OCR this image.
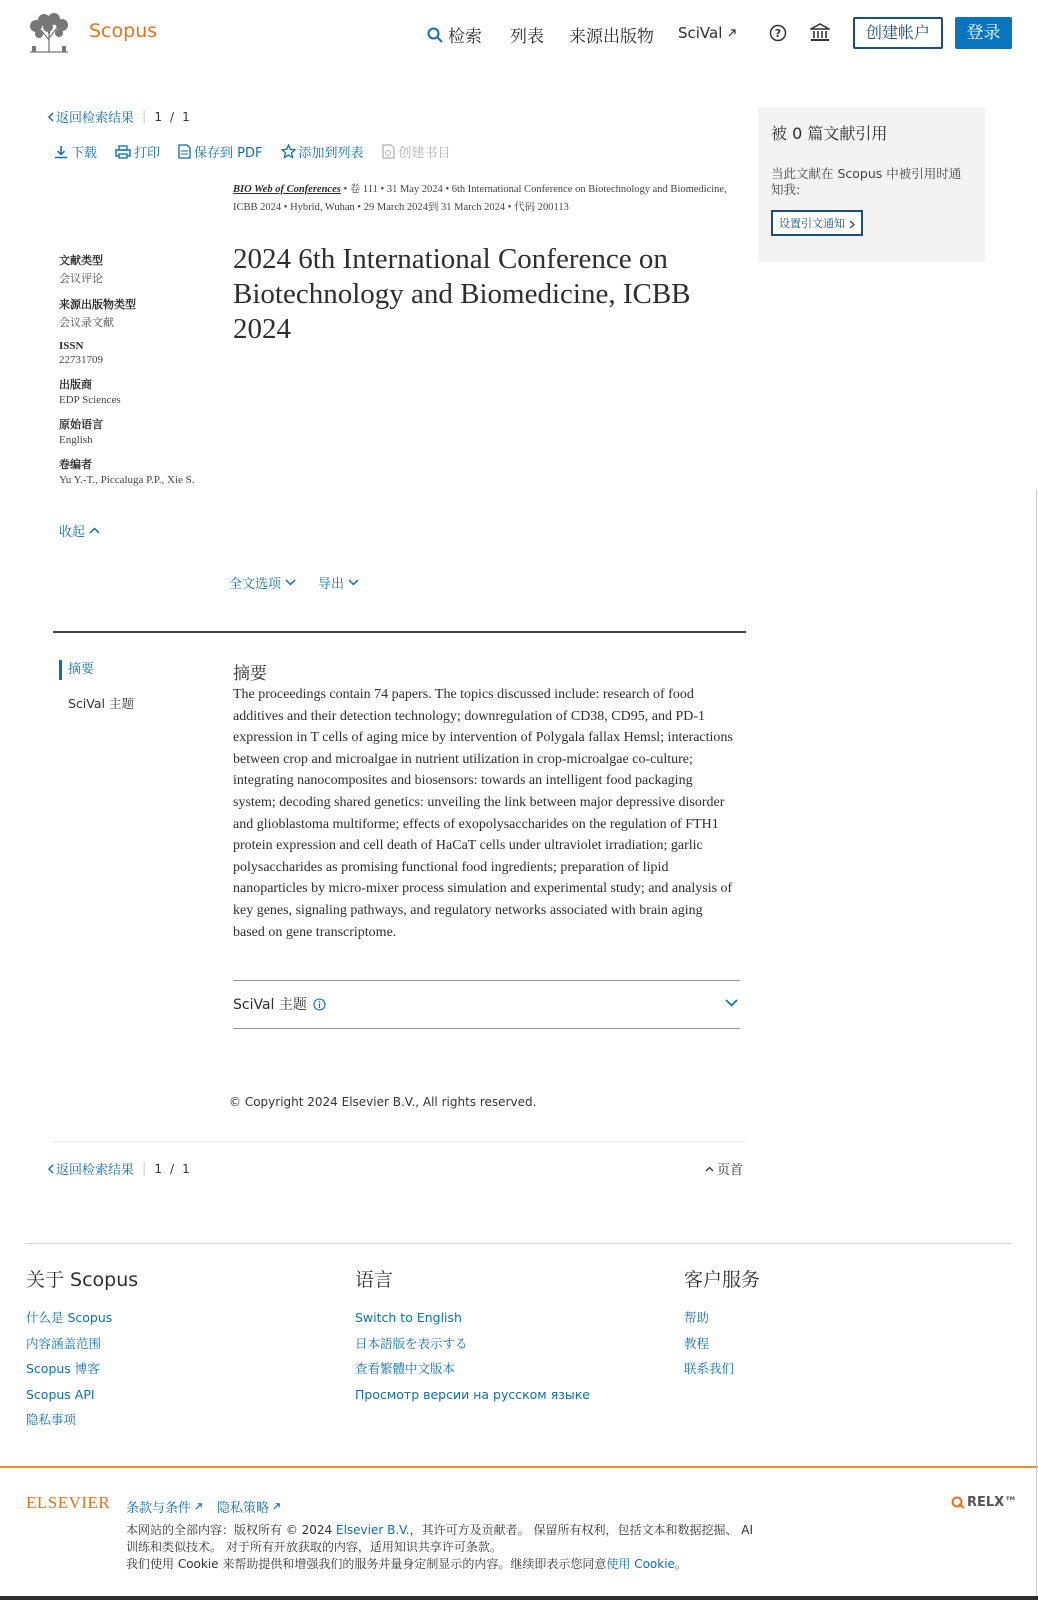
Scopus	检索 列表 来源出版物 SciVal	?	创建帐户	登录
返回检索结果 | 1 / 1
下载	打印	保存到 PDF	添加到列表	创建书目
被 0 篇文献引用
当此文献在 Scopus 中被引用时通知我:
设置引文通知
BIO Web of Conferences • 卷 111 • 31 May 2024 • 6th International Conference on Biotechnology and Biomedicine, ICBB 2024 • Hybrid, Wuhan • 29 March 2024到 31 March 2024 • 代码 200113
2024 6th International Conference on Biotechnology and Biomedicine, ICBB 2024
文献类型
会议评论
来源出版物类型
会议录文献
ISSN
22731709
出版商
EDP Sciences
原始语言
English
卷编者
Yu Y.-T., Piccaluga P.P., Xie S.
收起
全文选项	导出
摘要
SciVal 主题
摘要

The proceedings contain 74 papers. The topics discussed include: research of food additives and their detection technology; downregulation of CD38, CD95, and PD-1 expression in T cells of aging mice by intervention of Polygala fallax Hemsl; interactions between crop and microalgae in nutrient utilization in crop-microalgae co-culture; integrating nanocomposites and biosensors: towards an intelligent food packaging system; decoding shared genetics: unveiling the link between major depressive disorder and glioblastoma multiforme; effects of exopolysaccharides on the regulation of FTH1 protein expression and cell death of HaCaT cells under ultraviolet irradiation; garlic polysaccharides as promising functional food ingredients; preparation of lipid nanoparticles by micro-mixer process simulation and experimental study; and analysis of key genes, signaling pathways, and regulatory networks associated with brain aging based on gene transcriptome.

SciVal 主题
© Copyright 2024 Elsevier B.V., All rights reserved.
返回检索结果 | 1 / 1	页首
关于 Scopus
什么是 Scopus
内容涵盖范围
Scopus 博客
Scopus API
隐私事项
语言
Switch to English
日本語版を表示する
查看繁體中文版本
Просмотр версии на русском языке
客户服务
帮助
教程
联系我们
ELSEVIER 条款与条件 隐私策略	RELX™
本网站的全部内容：版权所有 © 2024 Elsevier B.V.，其许可方及贡献者。 保留所有权利，包括文本和数据挖掘、 AI 训练和类似技术。 对于所有开放获取的内容，适用知识共享许可条款。
我们使用 Cookie 来帮助提供和增强我们的服务并量身定制显示的内容。继续即表示您同意使用 Cookie。
